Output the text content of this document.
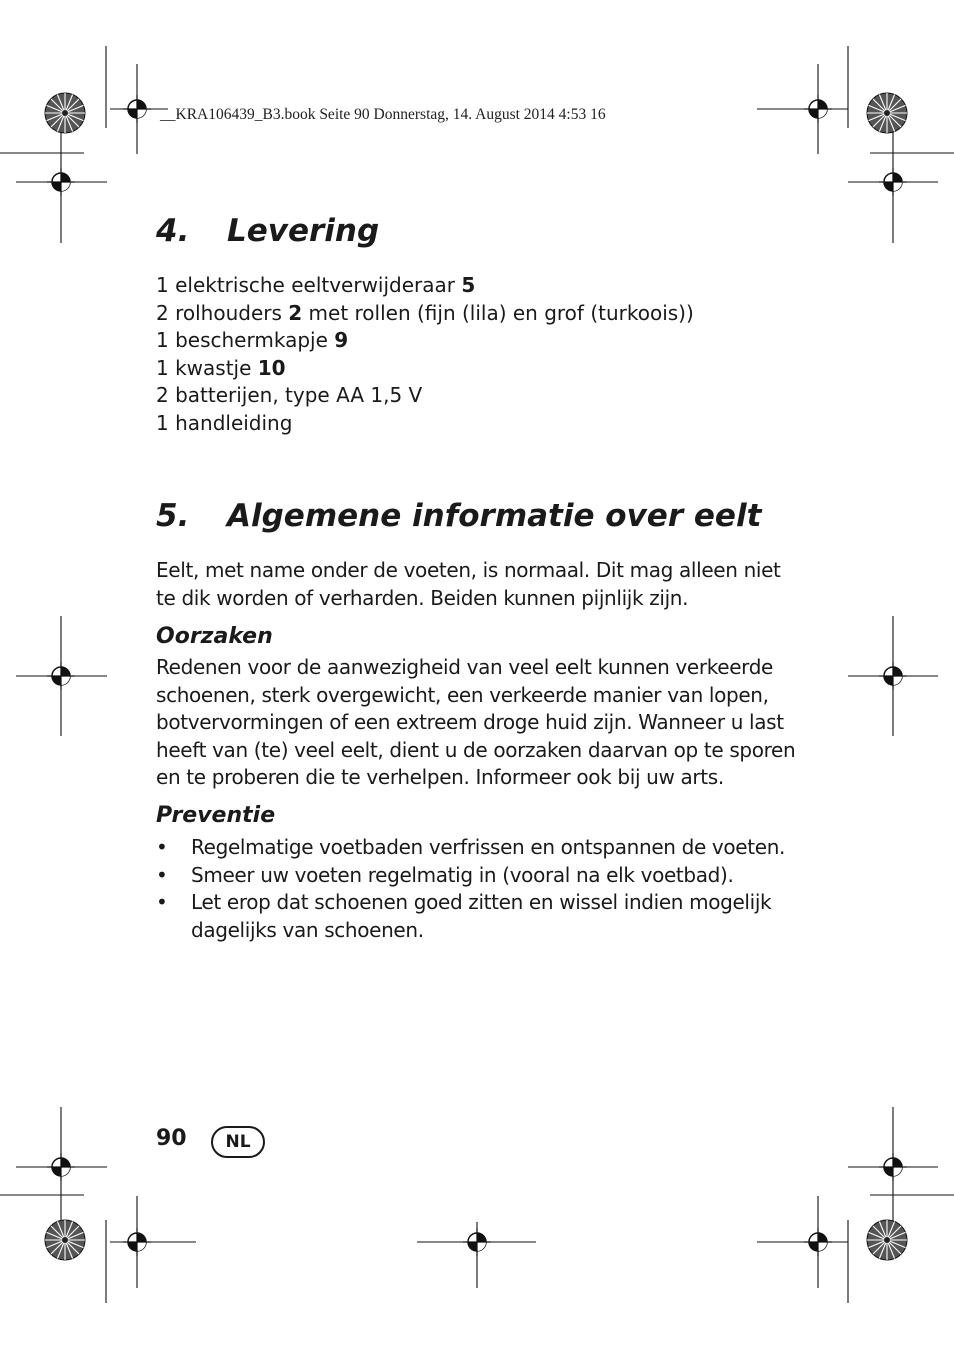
__KRA106439_B3.book Seite 90 Donnerstag, 14. August 2014 4:53 16
4. Levering
1 elektrische eeltverwijderaar 5
2 rolhouders 2 met rollen (fijn (lila) en grof (turkoois))
1 beschermkapje 9
1 kwastje 10
2 batterijen, type AA 1,5 V
1 handleiding
5. Algemene informatie over eelt
Eelt, met name onder de voeten, is normaal. Dit mag alleen niet
te dik worden of verharden. Beiden kunnen pijnlijk zijn.
Oorzaken
Redenen voor de aanwezigheid van veel eelt kunnen verkeerde
schoenen, sterk overgewicht, een verkeerde manier van lopen,
botvervormingen of een extreem droge huid zijn. Wanneer u last
heeft van (te) veel eelt, dient u de oorzaken daarvan op te sporen
en te proberen die te verhelpen. Informeer ook bij uw arts.
Preventie
• Regelmatige voetbaden verfrissen en ontspannen de voeten.
• Smeer uw voeten regelmatig in (vooral na elk voetbad).
• Let erop dat schoenen goed zitten en wissel indien mogelijk
dagelijks van schoenen.
90	NL
